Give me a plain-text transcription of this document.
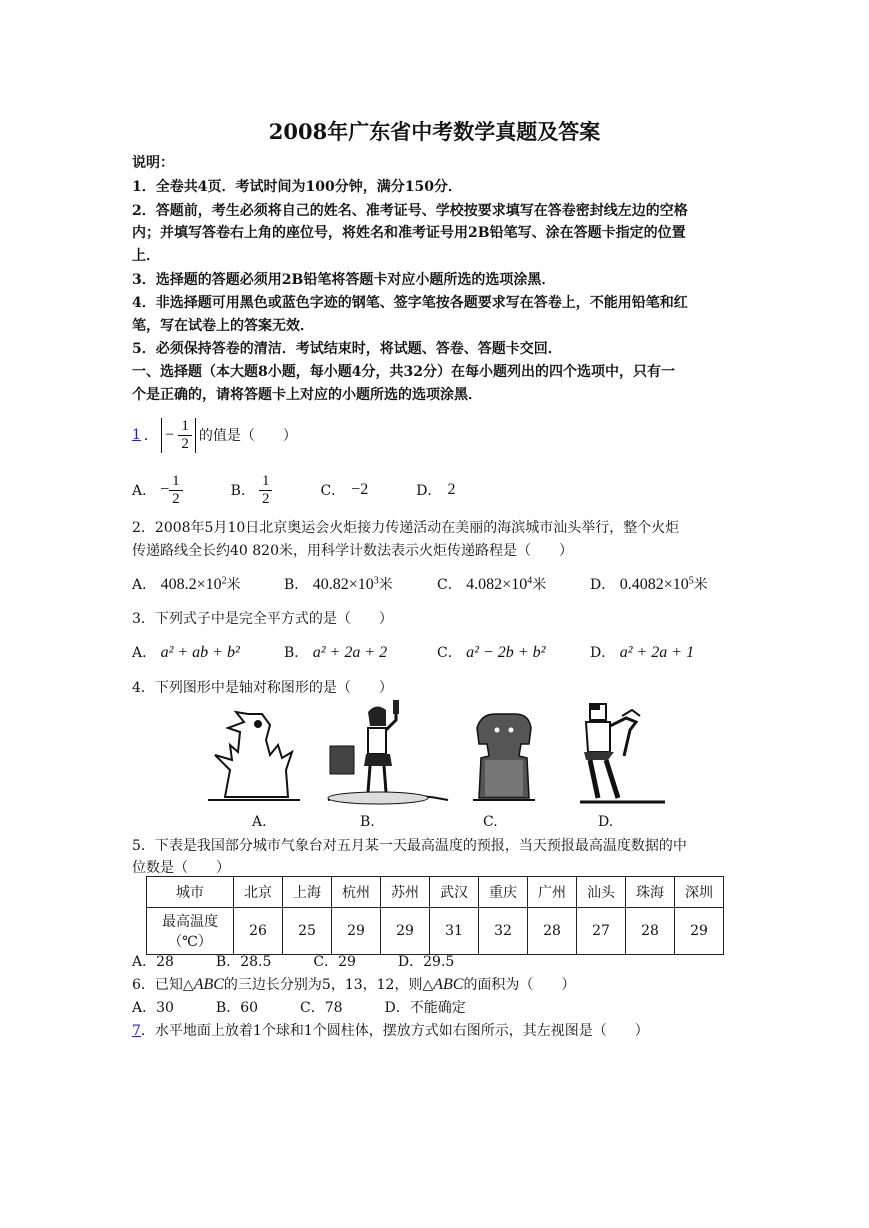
2008年广东省中考数学真题及答案
说明：
1．全卷共4页．考试时间为100分钟，满分150分．
2．答题前，考生必须将自己的姓名、准考证号、学校按要求填写在答卷密封线左边的空格
内；并填写答卷右上角的座位号，将姓名和准考证号用2B铅笔写、涂在答题卡指定的位置
上．
3．选择题的答题必须用2B铅笔将答题卡对应小题所选的选项涂黑．
4．非选择题可用黑色或蓝色字迹的钢笔、签字笔按各题要求写在答卷上，不能用铅笔和红
笔，写在试卷上的答案无效．
5．必须保持答卷的清洁．考试结束时，将试题、答卷、答题卡交回．
一、选择题（本大题8小题，每小题4分，共32分）在每小题列出的四个选项中，只有一
个是正确的，请将答题卡上对应的小题所选的选项涂黑．
1 ． − $\frac{1}{2}$ 的值是（　　）
A． − $\frac{1}{2}$	B． $\frac{1}{2}$	C． −2	D． 2
2．2008年5月10日北京奥运会火炬接力传递活动在美丽的海滨城市汕头举行，整个火炬
传递路线全长约40 820米，用科学计数法表示火炬传递路程是（　　）
A． $408.2\times 10^2$米	B． $40.82\times 10^3$米	C． $4.082\times 10^4$米	D． $0.4082\times 10^5$米
3．下列式子中是完全平方式的是（　　）
A． a² + ab + b²	B． a² + 2a + 2	C． a² − 2b + b²	D． a² + 2a + 1
4．下列图形中是轴对称图形的是（　　）
A.	B.	C.	D.
5．下表是我国部分城市气象台对五月某一天最高温度的预报，当天预报最高温度数据的中
位数是（　　）
城市	北京	上海	杭州	苏州	武汉	重庆	广州	汕头	珠海	深圳
最高温度
（℃）	26	25	29	29	31	32	28	27	28	29
A．28　　　B．28.5　　　C．29　　　D．29.5
6．已知△ABC的三边长分别为5，13，12，则△ABC的面积为（　　）
A．30　　　B．60　　　C．78　　　D．不能确定
7．水平地面上放着1个球和1个圆柱体，摆放方式如右图所示，其左视图是（　　）
